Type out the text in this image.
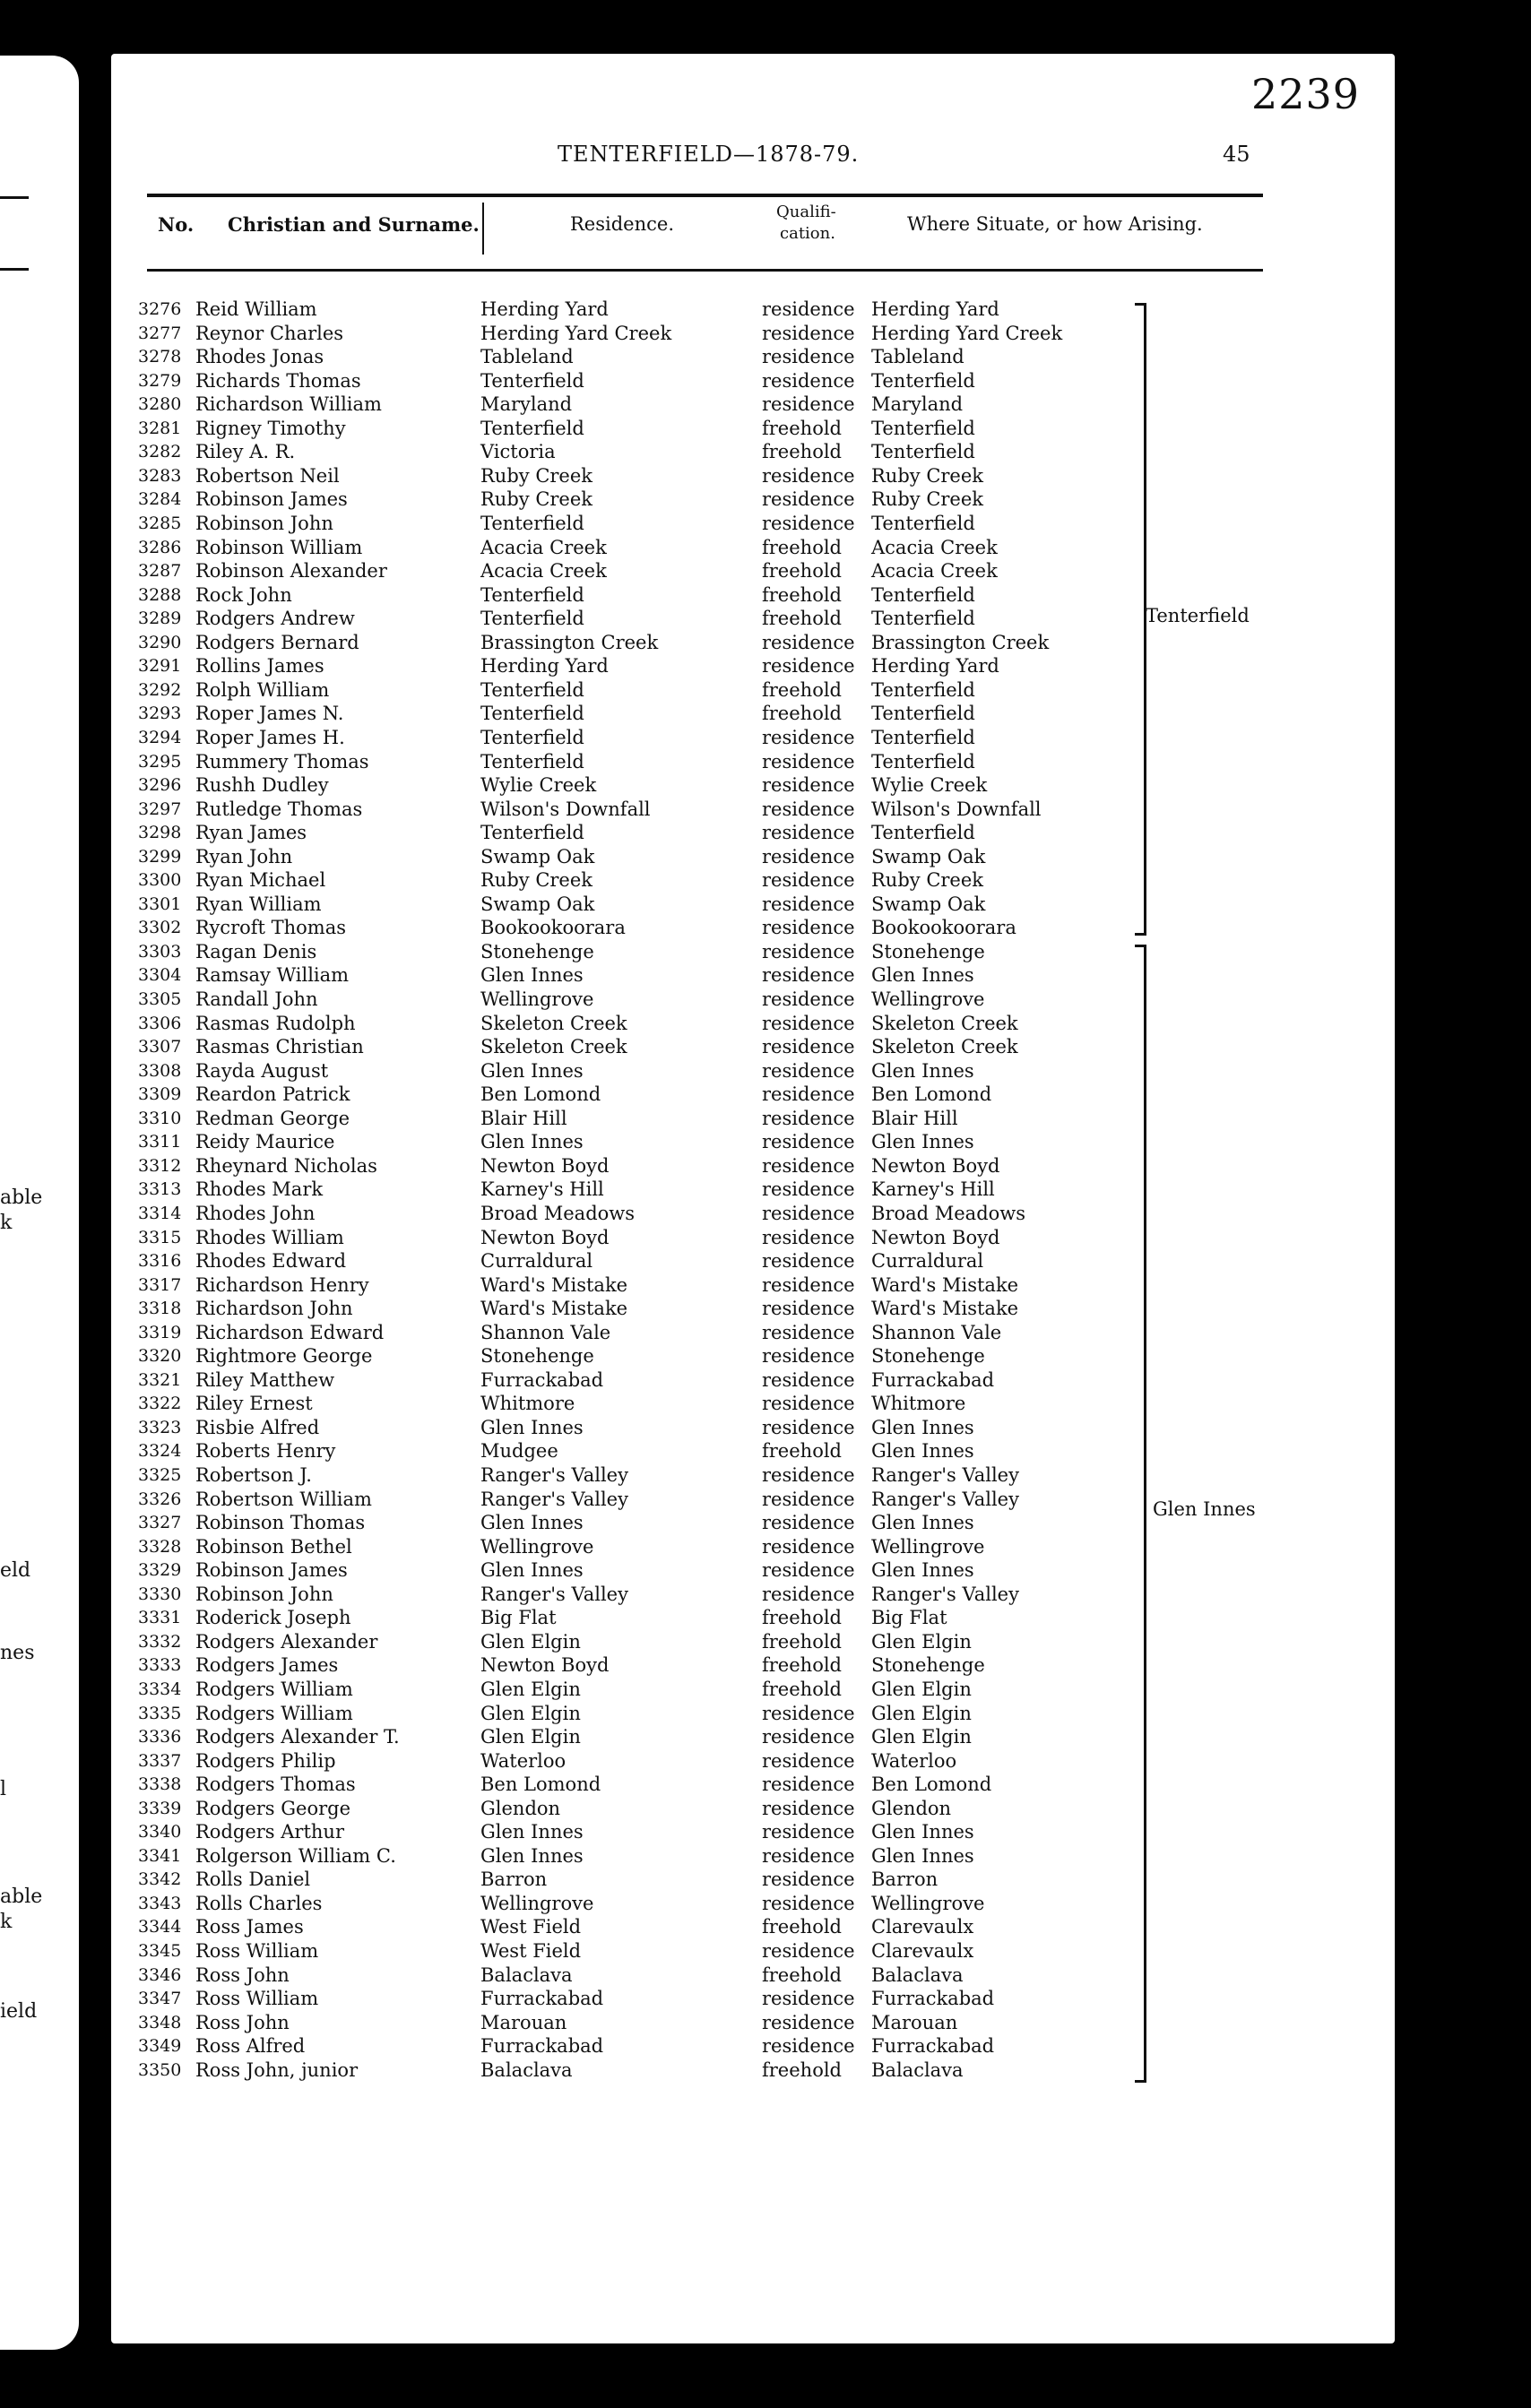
able
k
eld
nes
l
able
k
ield
2239
TENTERFIELD—1878-79.	45
No. Christian and Surname.	Residence.
Qualifi-
cation.	Where Situate, or how Arising.
3276 Reid William	Herding Yard	residence Herding Yard
3277 Reynor Charles	Herding Yard Creek	residence Herding Yard Creek
3278 Rhodes Jonas	Tableland	residence Tableland
3279 Richards Thomas	Tenterfield	residence Tenterfield
3280 Richardson William	Maryland	residence Maryland
3281 Rigney Timothy	Tenterfield	freehold Tenterfield
3282 Riley A. R.	Victoria	freehold Tenterfield
3283 Robertson Neil	Ruby Creek	residence Ruby Creek
3284 Robinson James	Ruby Creek	residence Ruby Creek
3285 Robinson John	Tenterfield	residence Tenterfield
3286 Robinson William	Acacia Creek	freehold Acacia Creek
3287 Robinson Alexander	Acacia Creek	freehold Acacia Creek
3288 Rock John	Tenterfield	freehold Tenterfield
3289 Rodgers Andrew	Tenterfield	freehold Tenterfield
3290 Rodgers Bernard	Brassington Creek	residence Brassington Creek
3291 Rollins James	Herding Yard	residence Herding Yard
3292 Rolph William	Tenterfield	freehold Tenterfield
3293 Roper James N.	Tenterfield	freehold Tenterfield
3294 Roper James H.	Tenterfield	residence Tenterfield
3295 Rummery Thomas	Tenterfield	residence Tenterfield
3296 Rushh Dudley	Wylie Creek	residence Wylie Creek
3297 Rutledge Thomas	Wilson's Downfall	residence Wilson's Downfall
3298 Ryan James	Tenterfield	residence Tenterfield
3299 Ryan John	Swamp Oak	residence Swamp Oak
3300 Ryan Michael	Ruby Creek	residence Ruby Creek
3301 Ryan William	Swamp Oak	residence Swamp Oak
3302 Rycroft Thomas	Bookookoorara	residence Bookookoorara
3303 Ragan Denis	Stonehenge	residence Stonehenge
3304 Ramsay William	Glen Innes	residence Glen Innes
3305 Randall John	Wellingrove	residence Wellingrove
3306 Rasmas Rudolph	Skeleton Creek	residence Skeleton Creek
3307 Rasmas Christian	Skeleton Creek	residence Skeleton Creek
3308 Rayda August	Glen Innes	residence Glen Innes
3309 Reardon Patrick	Ben Lomond	residence Ben Lomond
3310 Redman George	Blair Hill	residence Blair Hill
3311 Reidy Maurice	Glen Innes	residence Glen Innes
3312 Rheynard Nicholas	Newton Boyd	residence Newton Boyd
3313 Rhodes Mark	Karney's Hill	residence Karney's Hill
3314 Rhodes John	Broad Meadows	residence Broad Meadows
3315 Rhodes William	Newton Boyd	residence Newton Boyd
3316 Rhodes Edward	Curraldural	residence Curraldural
3317 Richardson Henry	Ward's Mistake	residence Ward's Mistake
3318 Richardson John	Ward's Mistake	residence Ward's Mistake
3319 Richardson Edward	Shannon Vale	residence Shannon Vale
3320 Rightmore George	Stonehenge	residence Stonehenge
3321 Riley Matthew	Furrackabad	residence Furrackabad
3322 Riley Ernest	Whitmore	residence Whitmore
3323 Risbie Alfred	Glen Innes	residence Glen Innes
3324 Roberts Henry	Mudgee	freehold Glen Innes
3325 Robertson J.	Ranger's Valley	residence Ranger's Valley
3326 Robertson William	Ranger's Valley	residence Ranger's Valley
3327 Robinson Thomas	Glen Innes	residence Glen Innes
3328 Robinson Bethel	Wellingrove	residence Wellingrove
3329 Robinson James	Glen Innes	residence Glen Innes
3330 Robinson John	Ranger's Valley	residence Ranger's Valley
3331 Roderick Joseph	Big Flat	freehold Big Flat
3332 Rodgers Alexander	Glen Elgin	freehold Glen Elgin
3333 Rodgers James	Newton Boyd	freehold Stonehenge
3334 Rodgers William	Glen Elgin	freehold Glen Elgin
3335 Rodgers William	Glen Elgin	residence Glen Elgin
3336 Rodgers Alexander T.	Glen Elgin	residence Glen Elgin
3337 Rodgers Philip	Waterloo	residence Waterloo
3338 Rodgers Thomas	Ben Lomond	residence Ben Lomond
3339 Rodgers George	Glendon	residence Glendon
3340 Rodgers Arthur	Glen Innes	residence Glen Innes
3341 Rolgerson William C.	Glen Innes	residence Glen Innes
3342 Rolls Daniel	Barron	residence Barron
3343 Rolls Charles	Wellingrove	residence Wellingrove
3344 Ross James	West Field	freehold Clarevaulx
3345 Ross William	West Field	residence Clarevaulx
3346 Ross John	Balaclava	freehold Balaclava
3347 Ross William	Furrackabad	residence Furrackabad
3348 Ross John	Marouan	residence Marouan
3349 Ross Alfred	Furrackabad	residence Furrackabad
3350 Ross John, junior	Balaclava	freehold Balaclava
Tenterfield
Glen Innes
